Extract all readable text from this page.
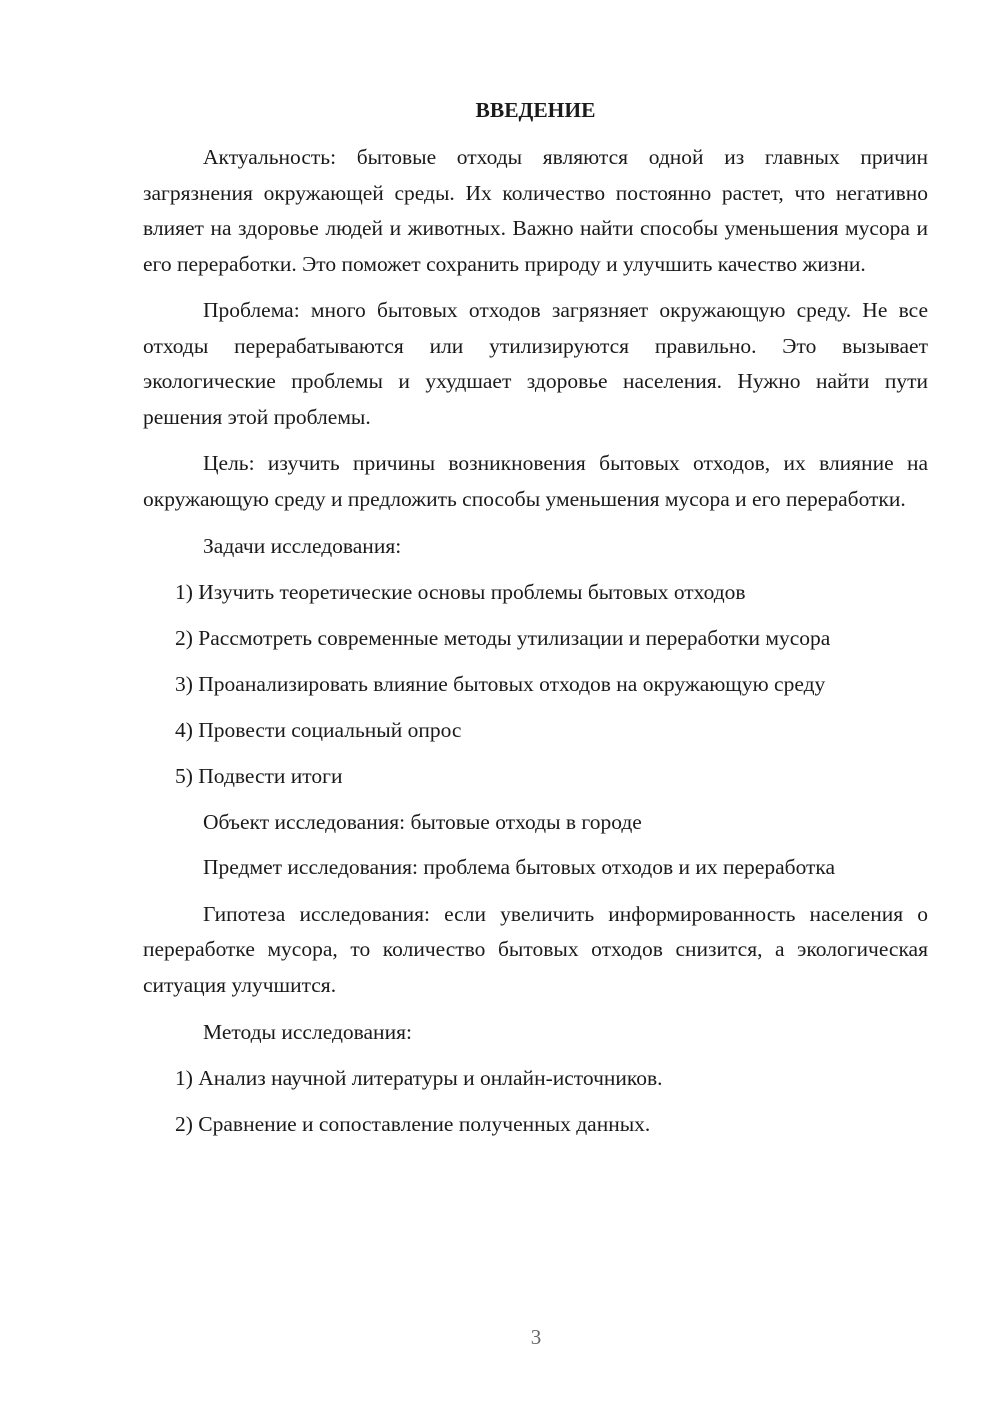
ВВЕДЕНИЕ

Актуальность: бытовые отходы являются одной из главных причин загрязнения окружающей среды. Их количество постоянно растет, что негативно влияет на здоровье людей и животных. Важно найти способы уменьшения мусора и его переработки. Это поможет сохранить природу и улучшить качество жизни.

Проблема: много бытовых отходов загрязняет окружающую среду. Не все отходы перерабатываются или утилизируются правильно. Это вызывает экологические проблемы и ухудшает здоровье населения. Нужно найти пути решения этой проблемы.

Цель: изучить причины возникновения бытовых отходов, их влияние на окружающую среду и предложить способы уменьшения мусора и его переработки.

Задачи исследования:

1) Изучить теоретические основы проблемы бытовых отходов

2) Рассмотреть современные методы утилизации и переработки мусора

3) Проанализировать влияние бытовых отходов на окружающую среду

4) Провести социальный опрос

5) Подвести итоги

Объект исследования: бытовые отходы в городе

Предмет исследования: проблема бытовых отходов и их переработка

Гипотеза исследования: если увеличить информированность населения о переработке мусора, то количество бытовых отходов снизится, а экологическая ситуация улучшится.

Методы исследования:

1) Анализ научной литературы и онлайн-источников.

2) Сравнение и сопоставление полученных данных.

3
